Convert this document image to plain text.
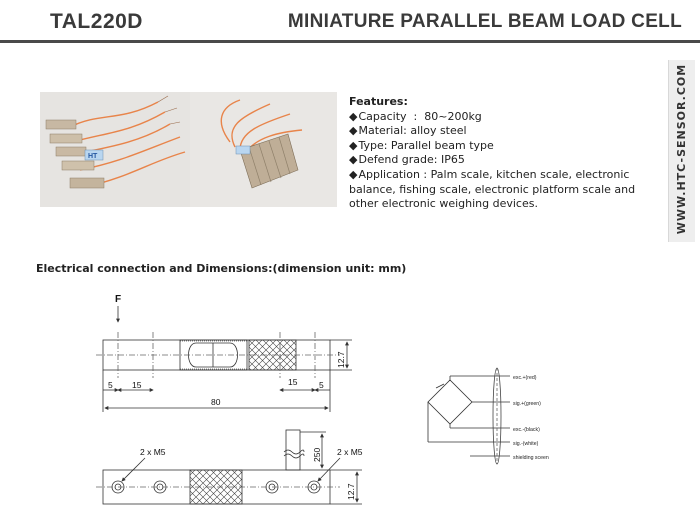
TAL220D	MINIATURE PARALLEL BEAM LOAD CELL
HT
Features:
◆Capacity  :  80~200kg
◆Material: alloy steel
◆Type: Parallel beam type
◆Defend grade: IP65
◆Application : Palm scale, kitchen scale, electronic balance, fishing scale, electronic platform scale and other electronic weighing devices.	WWW.HTC-SENSOR.COM
Electrical connection and Dimensions:(dimension unit: mm)
F
12.7
5 15	15	5
80
250
12.7
2 x M5	2 x M5
exc.+(red)
sig.+(green)
exc.-(black)
sig.-(white)
shielding sceen
